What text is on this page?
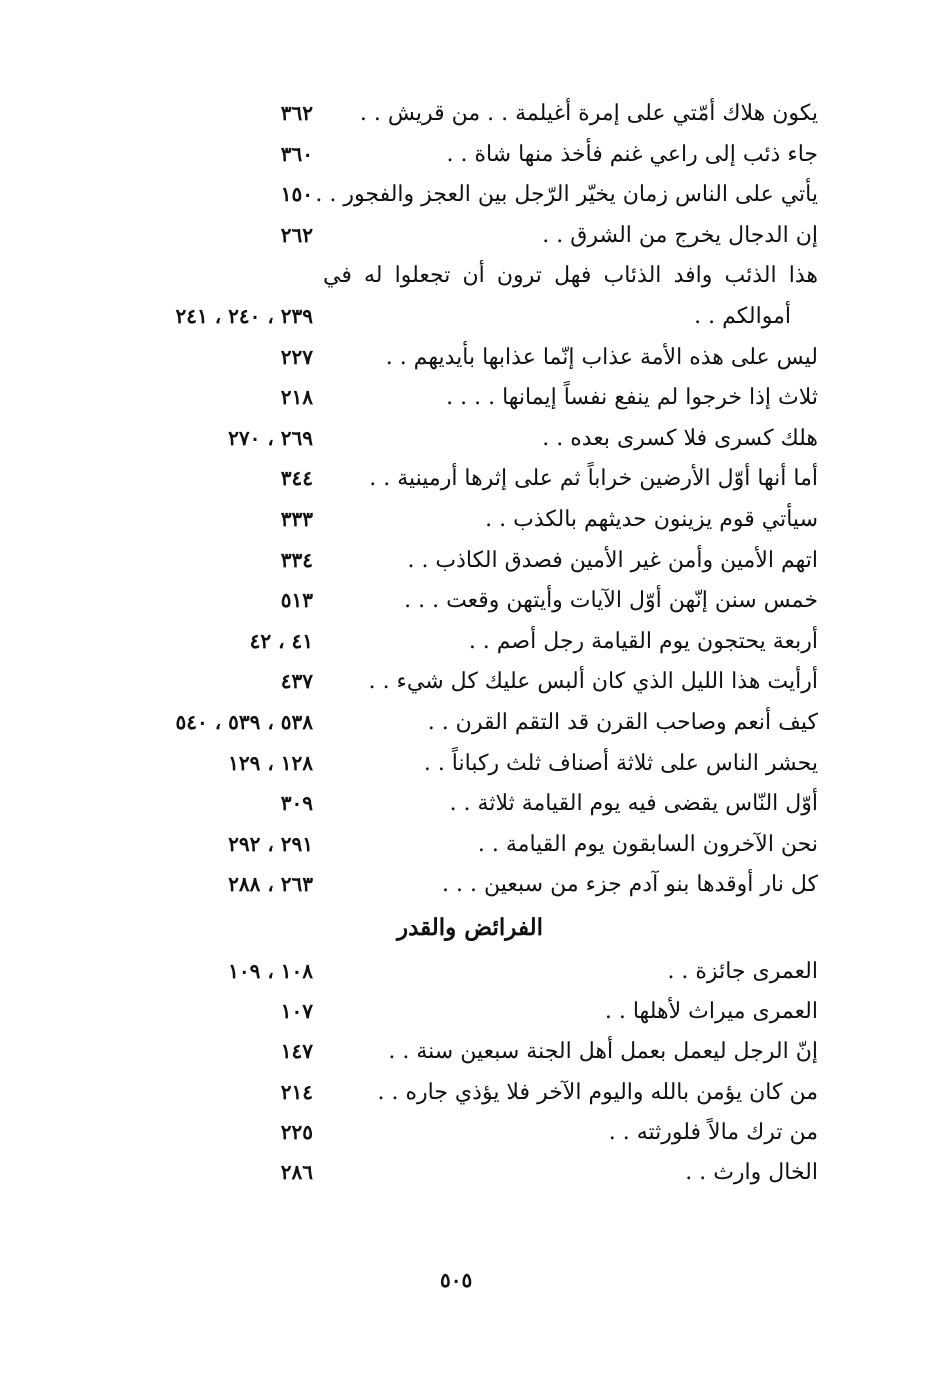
يكون هلاك أمّتي على إمرة أغيلمة . . من قريش . .
٣٦٢
جاء ذئب إلى راعي غنم فأخذ منها شاة . .
٣٦٠
يأتي على الناس زمان يخيّر الرّجل بين العجز والفجور . .
١٥٠
إن الدجال يخرج من الشرق . .
٢٦٢
هذا الذئب وافد الذئاب فهل ترون أن تجعلوا له في
أموالكم . .
٢٣٩ ، ٢٤٠ ، ٢٤١
ليس على هذه الأمة عذاب إنّما عذابها بأيديهم . .
٢٢٧
ثلاث إذا خرجوا لم ينفع نفساً إيمانها . . . .
٢١٨
هلك كسرى فلا كسرى بعده . .
٢٦٩ ، ٢٧٠
أما أنها أوّل الأرضين خراباً ثم على إثرها أرمينية . .
٣٤٤
سيأتي قوم يزينون حديثهم بالكذب . .
٣٣٣
اتهم الأمين وأمن غير الأمين فصدق الكاذب . .
٣٣٤
خمس سنن إنّهن أوّل الآيات وأيتهن وقعت . . .
٥١٣
أربعة يحتجون يوم القيامة رجل أصم . .
٤١ ، ٤٢
أرأيت هذا الليل الذي كان ألبس عليك كل شيء . .
٤٣٧
كيف أنعم وصاحب القرن قد التقم القرن . .
٥٣٨ ، ٥٣٩ ، ٥٤٠
يحشر الناس على ثلاثة أصناف ثلث ركباناً . .
١٢٨ ، ١٢٩
أوّل النّاس يقضى فيه يوم القيامة ثلاثة . .
٣٠٩
نحن الآخرون السابقون يوم القيامة . .
٢٩١ ، ٢٩٢
كل نار أوقدها بنو آدم جزء من سبعين . . .
٢٦٣ ، ٢٨٨
الفرائض والقدر
العمرى جائزة . .
١٠٨ ، ١٠٩
العمرى ميراث لأهلها . .
١٠٧
إنّ الرجل ليعمل بعمل أهل الجنة سبعين سنة . .
١٤٧
من كان يؤمن بالله واليوم الآخر فلا يؤذي جاره . .
٢١٤
من ترك مالاً فلورثته . .
٢٢٥
الخال وارث . .
٢٨٦
٥٠٥
